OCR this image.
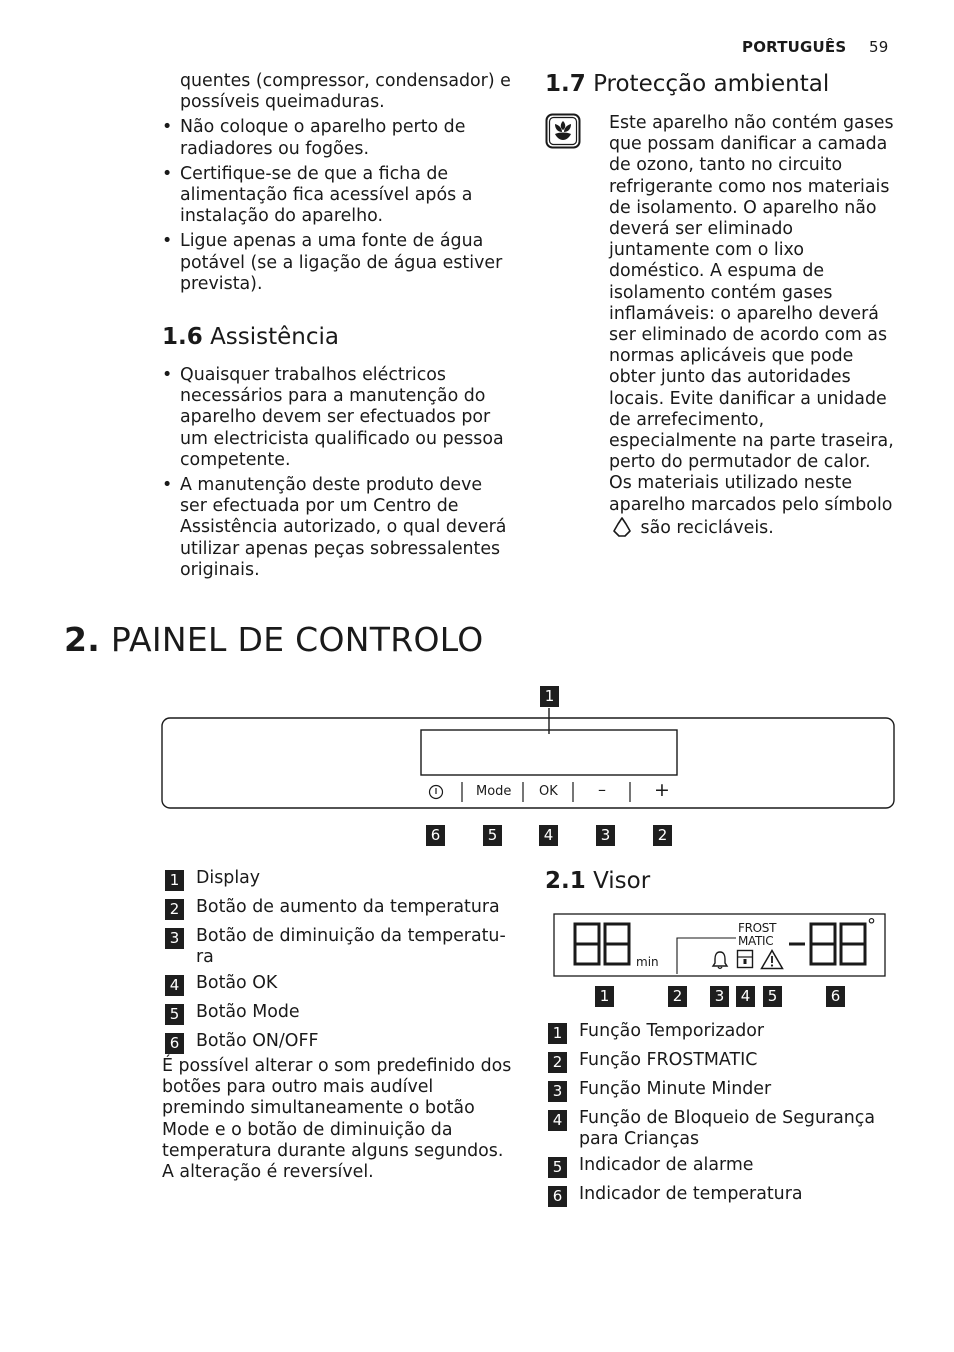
PORTUGUÊS 59

quentes (compressor, condensador) e possíveis queimaduras.

• Não coloque o aparelho perto de radiadores ou fogões.
• Certifique-se de que a ficha de alimentação fica acessível após a instalação do aparelho.
• Ligue apenas a uma fonte de água potável (se a ligação de água estiver prevista).
1.6 Assistência
• Quaisquer trabalhos eléctricos necessários para a manutenção do aparelho devem ser efectuados por um electricista qualificado ou pessoa competente.
• A manutenção deste produto deve ser efectuada por um Centro de Assistência autorizado, o qual deverá utilizar apenas peças sobressalentes originais.
1.7 Protecção ambiental
Este aparelho não contém gases que possam danificar a camada de ozono, tanto no circuito refrigerante como nos materiais de isolamento. O aparelho não deverá ser eliminado juntamente com o lixo doméstico. A espuma de isolamento contém gases inflamáveis: o aparelho deverá ser eliminado de acordo com as normas aplicáveis que pode obter junto das autoridades locais. Evite danificar a unidade de arrefecimento, especialmente na parte traseira, perto do permutador de calor. Os materiais utilizado neste aparelho marcados pelo símbolo  são recicláveis.
2. PAINEL DE CONTROLO
1
Mode OK	–	+
6	5	4	3	2
1 Display
2 Botão de aumento da temperatura
3 Botão de diminuição da temperatu-
ra
4 Botão OK
5 Botão Mode
6 Botão ON/OFF
É possível alterar o som predefinido dos botões para outro mais audível premindo simultaneamente o botão Mode e o botão de diminuição da temperatura durante alguns segundos. A alteração é reversível.
2.1 Visor
min
FROST
MATIC
°
1	2	3	4	5	6
1 Função Temporizador
2 Função FROSTMATIC
3 Função Minute Minder
4 Função de Bloqueio de Segurança
para Crianças
5 Indicador de alarme
6 Indicador de temperatura
